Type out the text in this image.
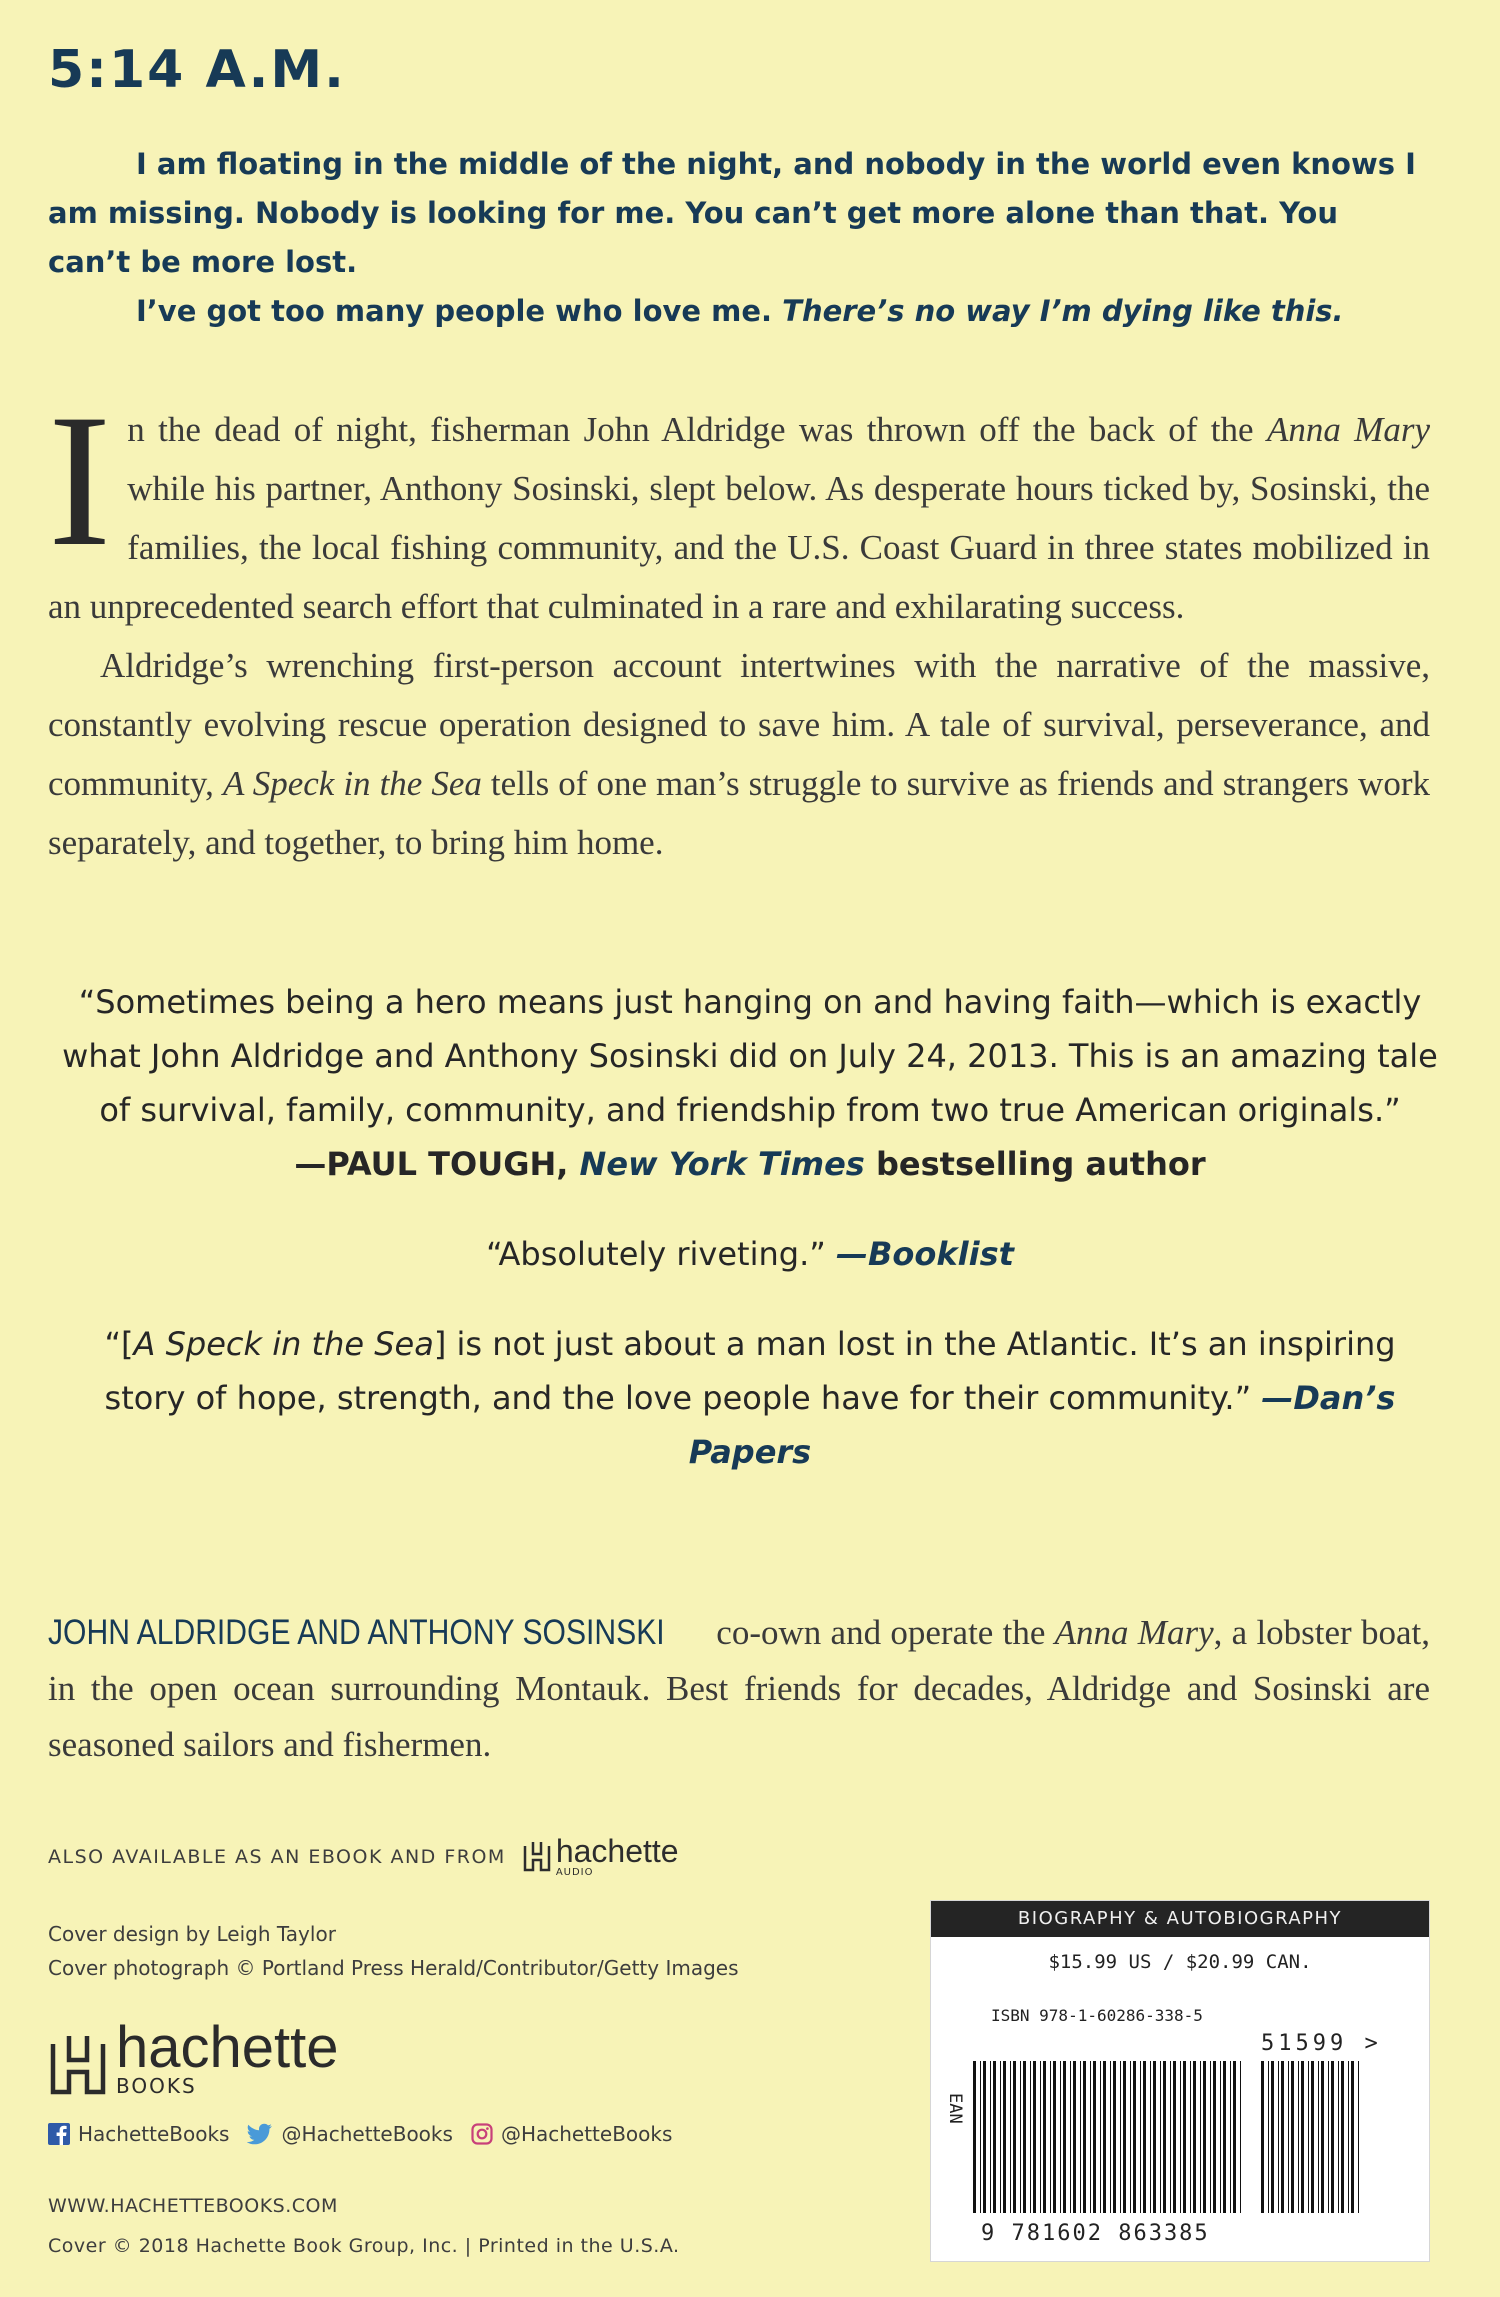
5:14 A.M.

I am floating in the middle of the night, and nobody in the world even knows I am missing. Nobody is looking for me. You can’t get more alone than that. You can’t be more lost.

I’ve got too many people who love me. There’s no way I’m dying like this.

In the dead of night, fisherman John Aldridge was thrown off the back of the Anna Mary while his partner, Anthony Sosinski, slept below. As desperate hours ticked by, Sosinski, the families, the local fishing community, and the U.S. Coast Guard in three states mobilized in an unprecedented search effort that culminated in a rare and exhilarating success.

Aldridge’s wrenching first-person account intertwines with the narrative of the massive, constantly evolving rescue operation designed to save him. A tale of survival, perseverance, and community, A Speck in the Sea tells of one man’s struggle to survive as friends and strangers work separately, and together, to bring him home.

“Sometimes being a hero means just hanging on and having faith—which is exactly what John Aldridge and Anthony Sosinski did on July 24, 2013. This is an amazing tale of survival, family, community, and friendship from two true American originals.”
—PAUL TOUGH, New York Times bestselling author

“Absolutely riveting.” —Booklist

“[A Speck in the Sea] is not just about a man lost in the Atlantic. It’s an inspiring story of hope, strength, and the love people have for their community.” —Dan’s Papers

JOHN ALDRIDGE AND ANTHONY SOSINSKI co-own and operate the Anna Mary, a lobster boat, in the open ocean surrounding Montauk. Best friends for decades, Aldridge and Sosinski are seasoned sailors and fishermen.
ALSO AVAILABLE AS AN EBOOK AND FROM hachette
AUDIO

Cover design by Leigh Taylor

Cover photograph © Portland Press Herald/Contributor/Getty Images

hachette
BOOKS
HachetteBooks	@HachetteBooks @HachetteBooks

WWW.HACHETTEBOOKS.COM

Cover © 2018 Hachette Book Group, Inc. | Printed in the U.S.A.

BIOGRAPHY & AUTOBIOGRAPHY
$15.99 US / $20.99 CAN.
ISBN 978-1-60286-338-5
EAN
51599 >
9 781602 863385
